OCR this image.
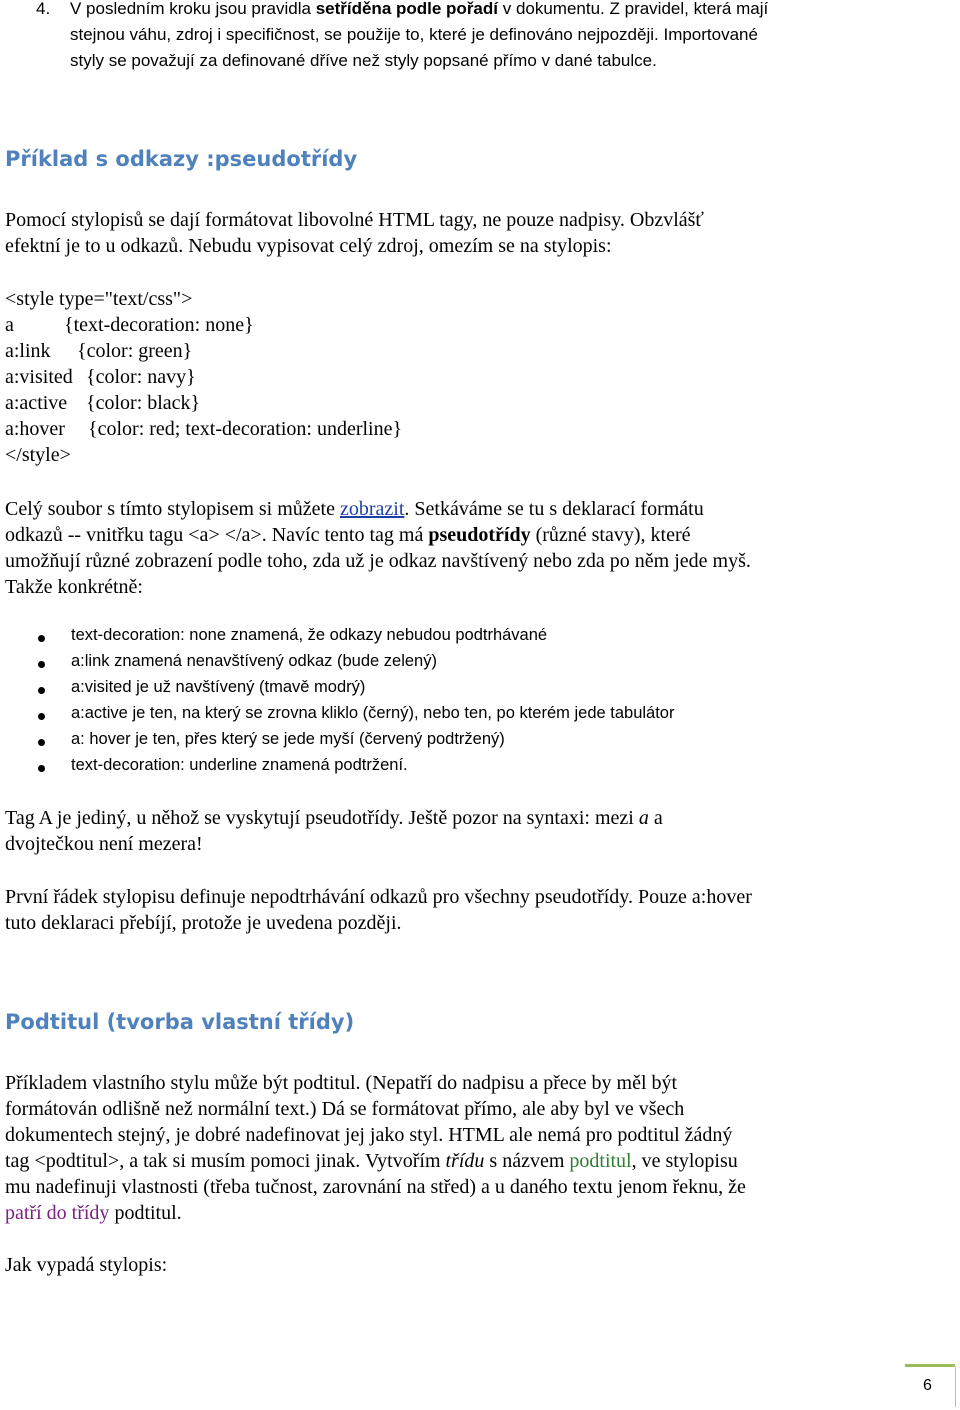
4. V posledním kroku jsou pravidla setříděna podle pořadí v dokumentu. Z pravidel, která mají
stejnou váhu, zdroj i specifičnost, se použije to, které je definováno nejpozději. Importované
styly se považují za definované dříve než styly popsané přímo v dané tabulce.
Příklad s odkazy :pseudotřídy
Pomocí stylopisů se dají formátovat libovolné HTML tagy, ne pouze nadpisy. Obzvlášť
efektní je to u odkazů. Nebudu vypisovat celý zdroj, omezím se na stylopis:
<style type="text/css">
a	{text-decoration: none}
a:link {color: green}
a:visited {color: navy}
a:active {color: black}
a:hover {color: red; text-decoration: underline}
</style>
Celý soubor s tímto stylopisem si můžete zobrazit. Setkáváme se tu s deklarací formátu
odkazů -- vnitřku tagu <a> </a>. Navíc tento tag má pseudotřídy (různé stavy), které
umožňují různé zobrazení podle toho, zda už je odkaz navštívený nebo zda po něm jede myš.
Takže konkrétně:
text-decoration: none znamená, že odkazy nebudou podtrhávané
a:link znamená nenavštívený odkaz (bude zelený)
a:visited je už navštívený (tmavě modrý)
a:active je ten, na který se zrovna kliklo (černý), nebo ten, po kterém jede tabulátor
a: hover je ten, přes který se jede myší (červený podtržený)
text-decoration: underline znamená podtržení.
Tag A je jediný, u něhož se vyskytují pseudotřídy. Ještě pozor na syntaxi: mezi a a
dvojtečkou není mezera!
První řádek stylopisu definuje nepodtrhávání odkazů pro všechny pseudotřídy. Pouze a:hover
tuto deklaraci přebíjí, protože je uvedena později.
Podtitul (tvorba vlastní třídy)
Příkladem vlastního stylu může být podtitul. (Nepatří do nadpisu a přece by měl být
formátován odlišně než normální text.) Dá se formátovat přímo, ale aby byl ve všech
dokumentech stejný, je dobré nadefinovat jej jako styl. HTML ale nemá pro podtitul žádný
tag <podtitul>, a tak si musím pomoci jinak. Vytvořím třídu s názvem podtitul, ve stylopisu
mu nadefinuji vlastnosti (třeba tučnost, zarovnání na střed) a u daného textu jenom řeknu, že
patří do třídy podtitul.
Jak vypadá stylopis:
6
